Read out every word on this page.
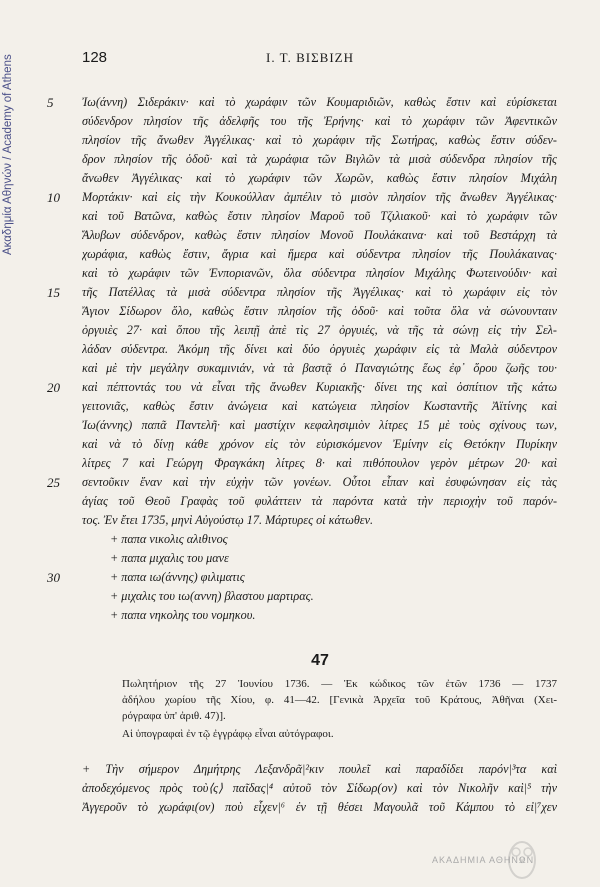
Ακαδημία Αθηνών / Academy of Athens	128	Ι. Τ. ΒΙΣΒΙΖΗ
5
10
15
20
25
30
Ἰω(άννη) Σιδεράκιν· καὶ τὸ χωράφιν τῶν Κουμαριδιῶν, καθὼς ἔστιν καὶ εὑρίσκεται
σύδενδρον πλησίον τῆς ἀδελφῆς του τῆς Ἐρήνης· καὶ τὸ χωράφιν τῶν Ἀφεντικῶν
πλησίον τῆς ἄνωθεν Ἀγγέλικας· καὶ τὸ χωράφιν τῆς Σωτήρας, καθὼς ἔστιν σύδεν-
δρον πλησίον τῆς ὁδοῦ· καὶ τὰ χωράφια τῶν Βιγλῶν τὰ μισὰ σύδενδρα πλησίον τῆς
ἄνωθεν Ἀγγέλικας· καὶ τὸ χωράφιν τῶν Χωρῶν, καθὼς ἔστιν πλησίον Μιχάλη
Μορτάκιν· καὶ εἰς τὴν Κουκούλλαν ἀμπέλιν τὸ μισὸν πλησίον τῆς ἄνωθεν Ἀγγέλικας·
καὶ τοῦ Βατῶνα, καθὼς ἔστιν πλησίον Μαροῦ τοῦ Τζιλιακοῦ· καὶ τὸ χωράφιν τῶν
Ἄλυβων σύδενδρον, καθὼς ἔστιν πλησίον Μονοῦ Πουλάκαινα· καὶ τοῦ Βεστάρχη τὰ
χωράφια, καθὼς ἔστιν, ἄγρια καὶ ἥμερα καὶ σύδεντρα πλησίον τῆς Πουλάκαινας·
καὶ τὸ χωράφιν τῶν Ἐνποριανῶν, ὅλα σύδεντρα πλησίον Μιχάλης Φωτεινούδιν· καὶ
τῆς Πατέλλας τὰ μισὰ σύδεντρα πλησίον τῆς Ἀγγέλικας· καὶ τὸ χωράφιν εἰς τὸν
Ἅγιον Σίδωρον ὅλο, καθὼς ἔστιν πλησίον τῆς ὁδοῦ· καὶ τοῦτα ὅλα νὰ σώνουνταιν
ὀργυιὲς 27· καὶ ὅπου τῆς λειπῇ ἀπὲ τὶς 27 ὀργυιές, νὰ τῆς τὰ σώνῃ εἰς τὴν Σελ-
λάδαν σύδεντρα. Ἀκόμη τῆς δίνει καὶ δύο ὀργυιὲς χωράφιν εἰς τὰ Μαλὰ σύδεντρον
καὶ μὲ τὴν μεγάλην συκαμινιάν, νὰ τὰ βαστᾷ ὁ Παναγιώτης ἕως ἐφ᾽ ὅρου ζωῆς του·
καὶ πέπτοντάς του νὰ εἶναι τῆς ἄνωθεν Κυριακῆς· δίνει της καὶ ὀσπίτιον τῆς κάτω
γειτονιᾶς, καθὼς ἔστιν ἀνώγεια καὶ κατώγεια πλησίον Κωσταντῆς Ἀϊτίνης καὶ
Ἰω(άννης) παπᾶ Παντελῆ· καὶ μαστίχιν κεφαλησιμιὸν λίτρες 15 μὲ τοὺς σχίνους των,
καὶ νὰ τὸ δίνῃ κάθε χρόνον εἰς τὸν εὑρισκόμενον Ἐμίνην εἰς Θετόκην Πυρίκην
λίτρες 7 καὶ Γεώργη Φραγκάκη λίτρες 8· καὶ πιθόπουλον γερὸν μέτρων 20· καὶ
σεντοῦκιν ἕναν καὶ τὴν εὐχὴν τῶν γονέων. Οὗτοι εἶπαν καὶ ἐσυφώνησαν εἰς τὰς
ἁγίας τοῦ Θεοῦ Γραφὰς τοῦ φυλάττειν τὰ παρόντα κατὰ τὴν περιοχὴν τοῦ παρόν-
τος. Ἐν ἔτει 1735, μηνὶ Αὐγούστῳ 17. Μάρτυρες οἱ κάτωθεν.
+ παπα νικολις αλιθινος
+ παπα μιχαλις του μανε
+ παπα ιω(άννης) φιλιματις
+ μιχαλις του ιω(αννη) βλαστου μαρτιρας.
+ παπα νηκολης του νομηκου.
47
Πωλητήριον τῆς 27 Ἰουνίου 1736. — Ἐκ κώδικος τῶν ἐτῶν 1736 — 1737
ἀδήλου χωρίου τῆς Χίου, φ. 41—42. [Γενικὰ Ἀρχεῖα τοῦ Κράτους, Ἀθῆναι (Χει-
ρόγραφα ὑπ' ἀριθ. 47)].
Αἱ ὑπογραφαὶ ἐν τῷ ἐγγράφῳ εἶναι αὐτόγραφοι.
+ Τὴν σήμερον Δημήτρης Λεξανδρᾶ|²κιν πουλεῖ καὶ παραδίδει παρόν|³τα καὶ
ἀποδεχόμενος πρὸς τοὺ⟨ς⟩ παῖδας|⁴ αὐτοῦ τὸν Σίδωρ(ον) καὶ τὸν Νικολῆν καὶ|⁵ τὴν
Ἀγγεροῦν τὸ χωράφι(ον) ποὺ εἶχεν|⁶ ἐν τῇ θέσει Μαγουλᾶ τοῦ Κάμπου τὸ εἰ|⁷χεν
ΑΚΑΔΗΜΙΑ ΑΘΗΝΩΝ
